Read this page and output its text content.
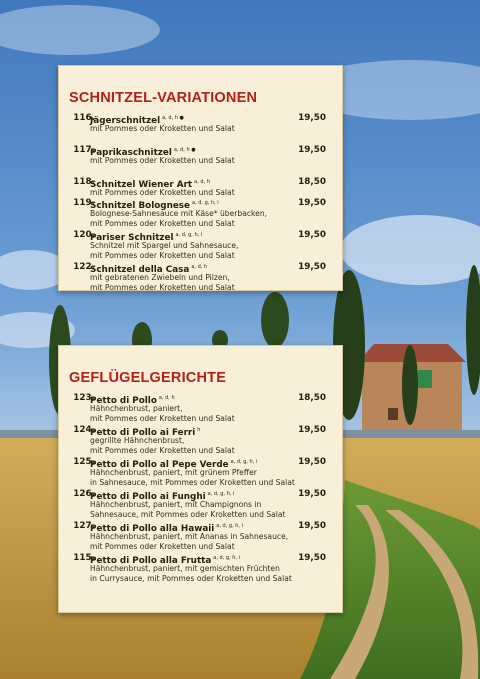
SCHNITZEL-VARIATIONEN
116.
Jägerschnitzel $^{a, d, h ●}$	19,50
mit Pommes oder Kroketten und Salat
117.
Paprikaschnitzel $^{a, d, h ●}$	19,50
mit Pommes oder Kroketten und Salat
118.
Schnitzel Wiener Art $^{a, d, h}$	18,50
mit Pommes oder Kroketten und Salat
119.
Schnitzel Bolognese $^{a, d, g, h, i}$	19,50
Bolognese-Sahnesauce mit Käse* überbacken,
mit Pommes oder Kroketten und Salat
120.
Pariser Schnitzel $^{a, d, g, h, i}$	19,50
Schnitzel mit Spargel und Sahnesauce,
mit Pommes oder Kroketten und Salat
122.
Schnitzel della Casa $^{a, d, h}$	19,50
mit gebratenen Zwiebeln und Pilzen,
mit Pommes oder Kroketten und Salat
GEFLÜGELGERICHTE
123.
Petto di Pollo $^{a, d, h}$	18,50
Hähnchenbrust, paniert,
mit Pommes oder Kroketten und Salat
124.
Petto di Pollo ai Ferri $^h$	19,50
gegrillte Hähnchenbrust,
mit Pommes oder Kroketten und Salat
125.
Petto di Pollo al Pepe Verde $^{a, d, g, h, i}$	19,50
Hähnchenbrust, paniert, mit grünem Pfeffer
in Sahnesauce, mit Pommes oder Kroketten und Salat
126.
Petto di Pollo ai Funghi $^{a, d, g, h, i}$	19,50
Hähnchenbrust, paniert, mit Champignons in
Sahnesauce, mit Pommes oder Kroketten und Salat
127.
Petto di Pollo alla Hawaii $^{a, d, g, h, i}$	19,50
Hähnchenbrust, paniert, mit Ananas in Sahnesauce,
mit Pommes oder Kroketten und Salat
115.
Petto di Pollo alla Frutta $^{a, d, g, h, i}$	19,50
Hähnchenbrust, paniert, mit gemischten Früchten
in Currysauce, mit Pommes oder Kroketten und Salat
